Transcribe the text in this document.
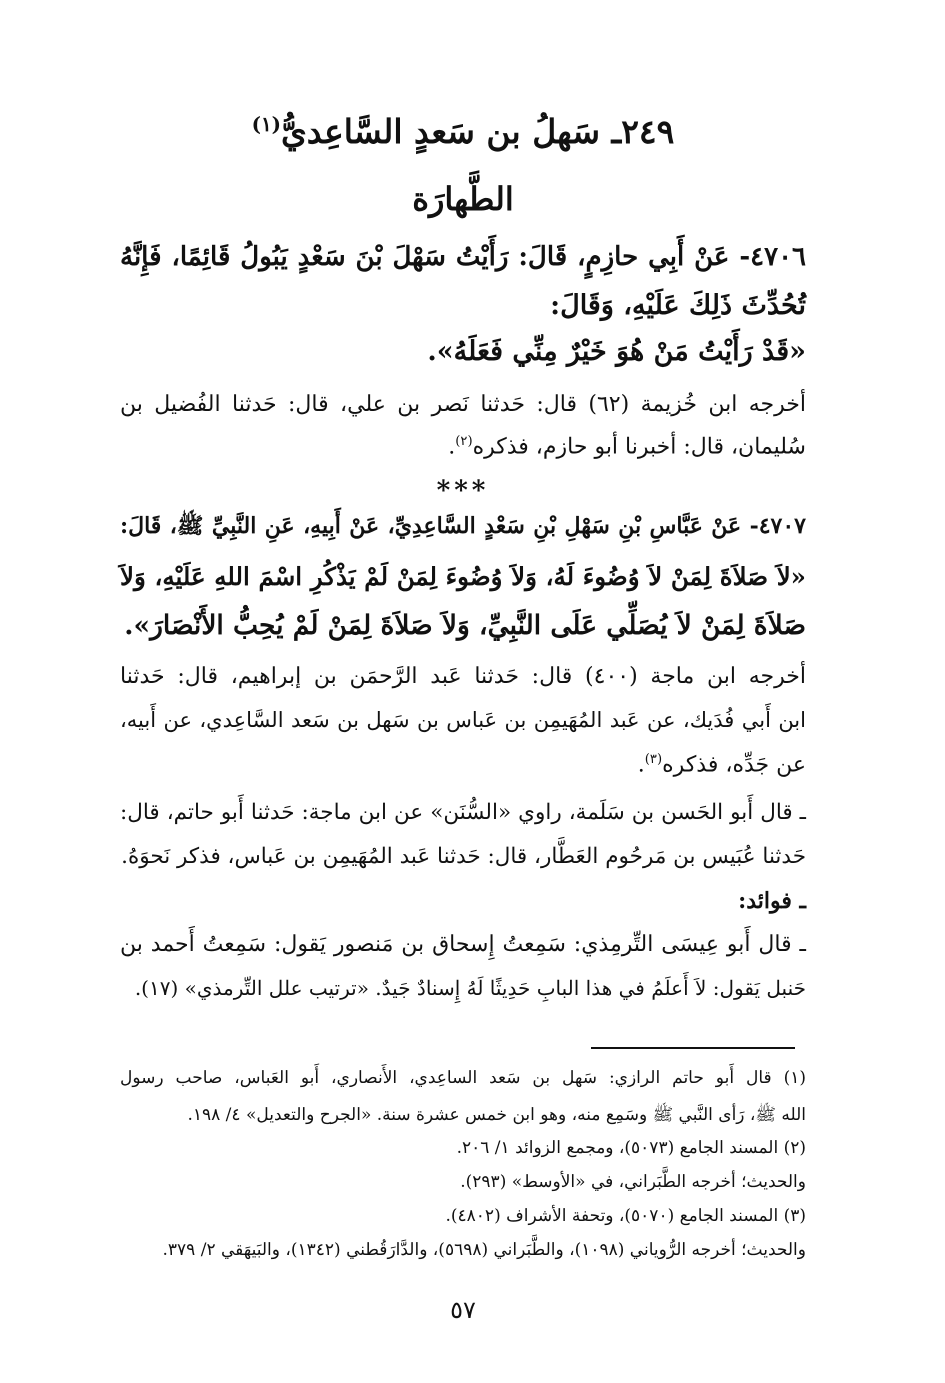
٢٤٩ـ سَهلُ بن سَعدٍ السَّاعِديُّ$^{(١)}$
الطَّهارَة
٤٧٠٦- عَنْ أَبِي حازِمٍ، قَالَ: رَأَيْتُ سَهْلَ بْنَ سَعْدٍ يَبُولُ قَائِمًا، فَإِنَّهُ
تُحُدِّثَ ذَلِكَ عَلَيْهِ، وَقَالَ:
«قَدْ رَأَيْتُ مَنْ هُوَ خَيْرٌ مِنِّي فَعَلَهُ».
أخرجه ابن خُزيمة (٦٢) قال: حَدثنا نَصر بن علي، قال: حَدثنا الفُضيل بن
سُليمان، قال: أخبرنا أبو حازم، فذكره$^{(٢)}$.
***
٤٧٠٧- عَنْ عَبَّاسِ بْنِ سَهْلِ بْنِ سَعْدٍ السَّاعِدِيِّ، عَنْ أَبِيهِ، عَنِ النَّبِيِّ ﷺ، قَالَ:
«لاَ صَلاَةَ لِمَنْ لاَ وُضُوءَ لَهُ، وَلاَ وُضُوءَ لِمَنْ لَمْ يَذْكُرِ اسْمَ اللهِ عَلَيْهِ، وَلاَ
صَلاَةَ لِمَنْ لاَ يُصَلِّي عَلَى النَّبِيِّ، وَلاَ صَلاَةَ لِمَنْ لَمْ يُحِبُّ الأَنْصَارَ».
أخرجه ابن ماجة (٤٠٠) قال: حَدثنا عَبد الرَّحمَن بن إبراهيم، قال: حَدثنا
ابن أَبي فُدَيك، عن عَبد المُهَيمِن بن عَباس بن سَهل بن سَعد السَّاعِدي، عن أَبيه،
عن جَدِّه، فذكره$^{(٣)}$.
ـ قال أَبو الحَسن بن سَلَمة، راوي «السُّنَن» عن ابن ماجة: حَدثنا أَبو حاتم، قال:
حَدثنا عُبَيس بن مَرحُوم العَطَّار، قال: حَدثنا عَبد المُهَيمِن بن عَباس، فذكر نَحوَهُ.
ـ فوائد:
ـ قال أَبو عِيسَى التِّرمِذي: سَمِعتُ إِسحاق بن مَنصور يَقول: سَمِعتُ أَحمد بن
حَنبل يَقول: لاَ أَعلَمُ في هذا البابِ حَدِيثًا لَهُ إِسنادٌ جَيدٌ. «ترتيب علل التِّرمذي» (١٧).
(١) قال أَبو حاتم الرازي: سَهل بن سَعد الساعِدي، الأَنصاري، أَبو العَباس، صاحب رسول
الله ﷺ، رَأى النَّبي ﷺ وسَمِع منه، وهو ابن خمس عشرة سنة. «الجرح والتعديل» ٤/ ١٩٨.
(٢) المسند الجامع (٥٠٧٣)، ومجمع الزوائد ١/ ٢٠٦.
والحديث؛ أخرجه الطَّبَراني، في «الأوسط» (٢٩٣).
(٣) المسند الجامع (٥٠٧٠)، وتحفة الأشراف (٤٨٠٢).
والحديث؛ أخرجه الرُّوياني (١٠٩٨)، والطَّبَراني (٥٦٩٨)، والدَّارَقُطني (١٣٤٢)، والبَيهَقي ٢/ ٣٧٩.
٥٧
